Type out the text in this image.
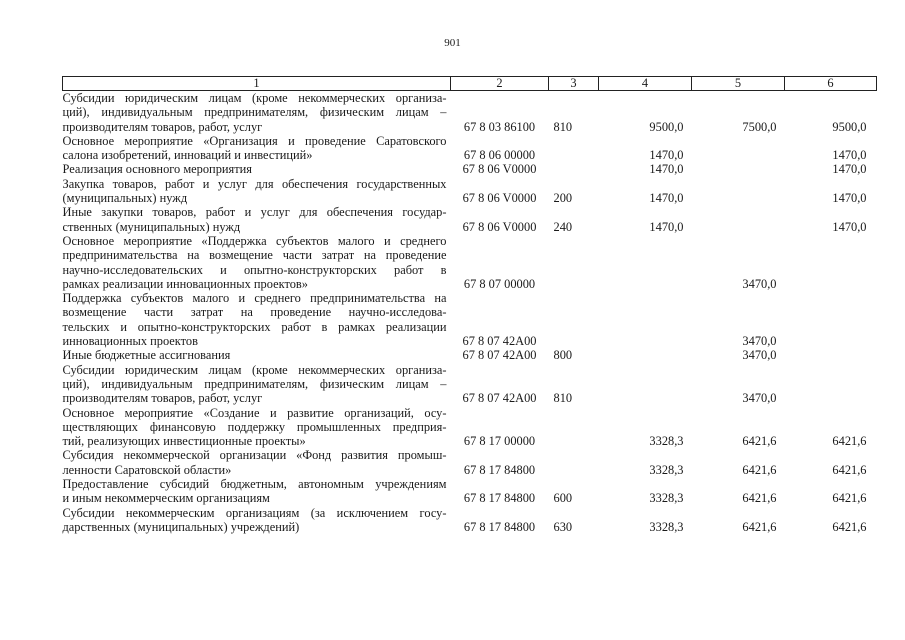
901
1	2	3	4	5	6

Субсидии юридическим лицам (кроме некоммерческих организа-
ций), индивидуальным предпринимателям, физическим лицам –
производителям товаров, работ, услуг	67 8 03 86100	810	9500,0	7500,0	9500,0

Основное мероприятие «Организация и проведение Саратовского
салона изобретений, инноваций и инвестиций»	67 8 06 00000		1470,0		1470,0

Реализация основного мероприятия	67 8 06 V0000		1470,0		1470,0

Закупка товаров, работ и услуг для обеспечения государственных
(муниципальных) нужд	67 8 06 V0000	200	1470,0		1470,0

Иные закупки товаров, работ и услуг для обеспечения государ-
ственных (муниципальных) нужд	67 8 06 V0000	240	1470,0		1470,0

Основное мероприятие «Поддержка субъектов малого и среднего
предпринимательства на возмещение части затрат на проведение
научно-исследовательских и опытно-конструкторских работ в
рамках реализации инновационных проектов»	67 8 07 00000			3470,0	

Поддержка субъектов малого и среднего предпринимательства на
возмещение части затрат на проведение научно-исследова-
тельских и опытно-конструкторских работ в рамках реализации
инновационных проектов	67 8 07 42А00			3470,0	

Иные бюджетные ассигнования	67 8 07 42А00	800		3470,0	

Субсидии юридическим лицам (кроме некоммерческих организа-
ций), индивидуальным предпринимателям, физическим лицам –
производителям товаров, работ, услуг	67 8 07 42А00	810		3470,0	

Основное мероприятие «Создание и развитие организаций, осу-
ществляющих финансовую поддержку промышленных предприя-
тий, реализующих инвестиционные проекты»	67 8 17 00000		3328,3	6421,6	6421,6

Субсидия некоммерческой организации «Фонд развития промыш-
ленности Саратовской области»	67 8 17 84800		3328,3	6421,6	6421,6

Предоставление субсидий бюджетным, автономным учреждениям
и иным некоммерческим организациям	67 8 17 84800	600	3328,3	6421,6	6421,6

Субсидии некоммерческим организациям (за исключением госу-
дарственных (муниципальных) учреждений)	67 8 17 84800	630	3328,3	6421,6	6421,6
